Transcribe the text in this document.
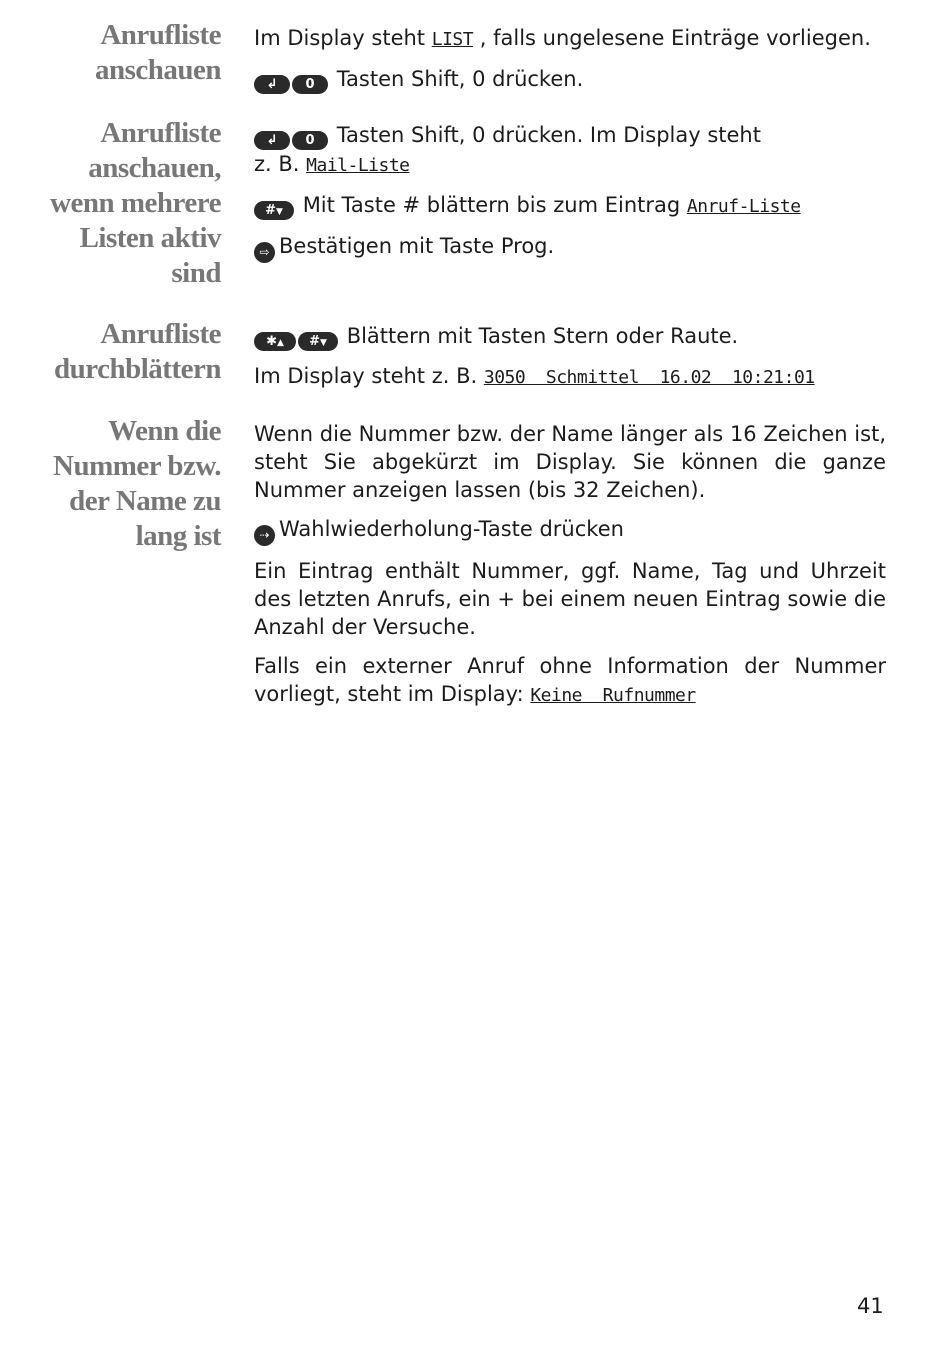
Anrufliste
anschauen
Im Display steht LIST , falls ungelesene Einträge vorliegen.
↲ 0 Tasten Shift, 0 drücken.
Anrufliste
anschauen,
wenn mehrere
Listen aktiv
sind
↲ 0 Tasten Shift, 0 drücken. Im Display steht
z. B. Mail-Liste
#▼ Mit Taste # blättern bis zum Eintrag Anruf-Liste
⇨ Bestätigen mit Taste Prog.
Anrufliste
durchblättern
✱▲ #▼ Blättern mit Tasten Stern oder Raute.
Im Display steht z. B. 3050  Schmittel  16.02  10:21:01
Wenn die
Nummer bzw.
der Name zu
lang ist
Wenn die Nummer bzw. der Name länger als 16 Zeichen ist, steht Sie abgekürzt im Display. Sie können die ganze Nummer anzeigen lassen (bis 32 Zeichen).
⇢ Wahlwiederholung-Taste drücken
Ein Eintrag enthält Nummer, ggf. Name, Tag und Uhrzeit des letzten Anrufs, ein + bei einem neuen Eintrag sowie die Anzahl der Versuche.
Falls ein externer Anruf ohne Information der Nummer vorliegt, steht im Display: Keine  Rufnummer
41
